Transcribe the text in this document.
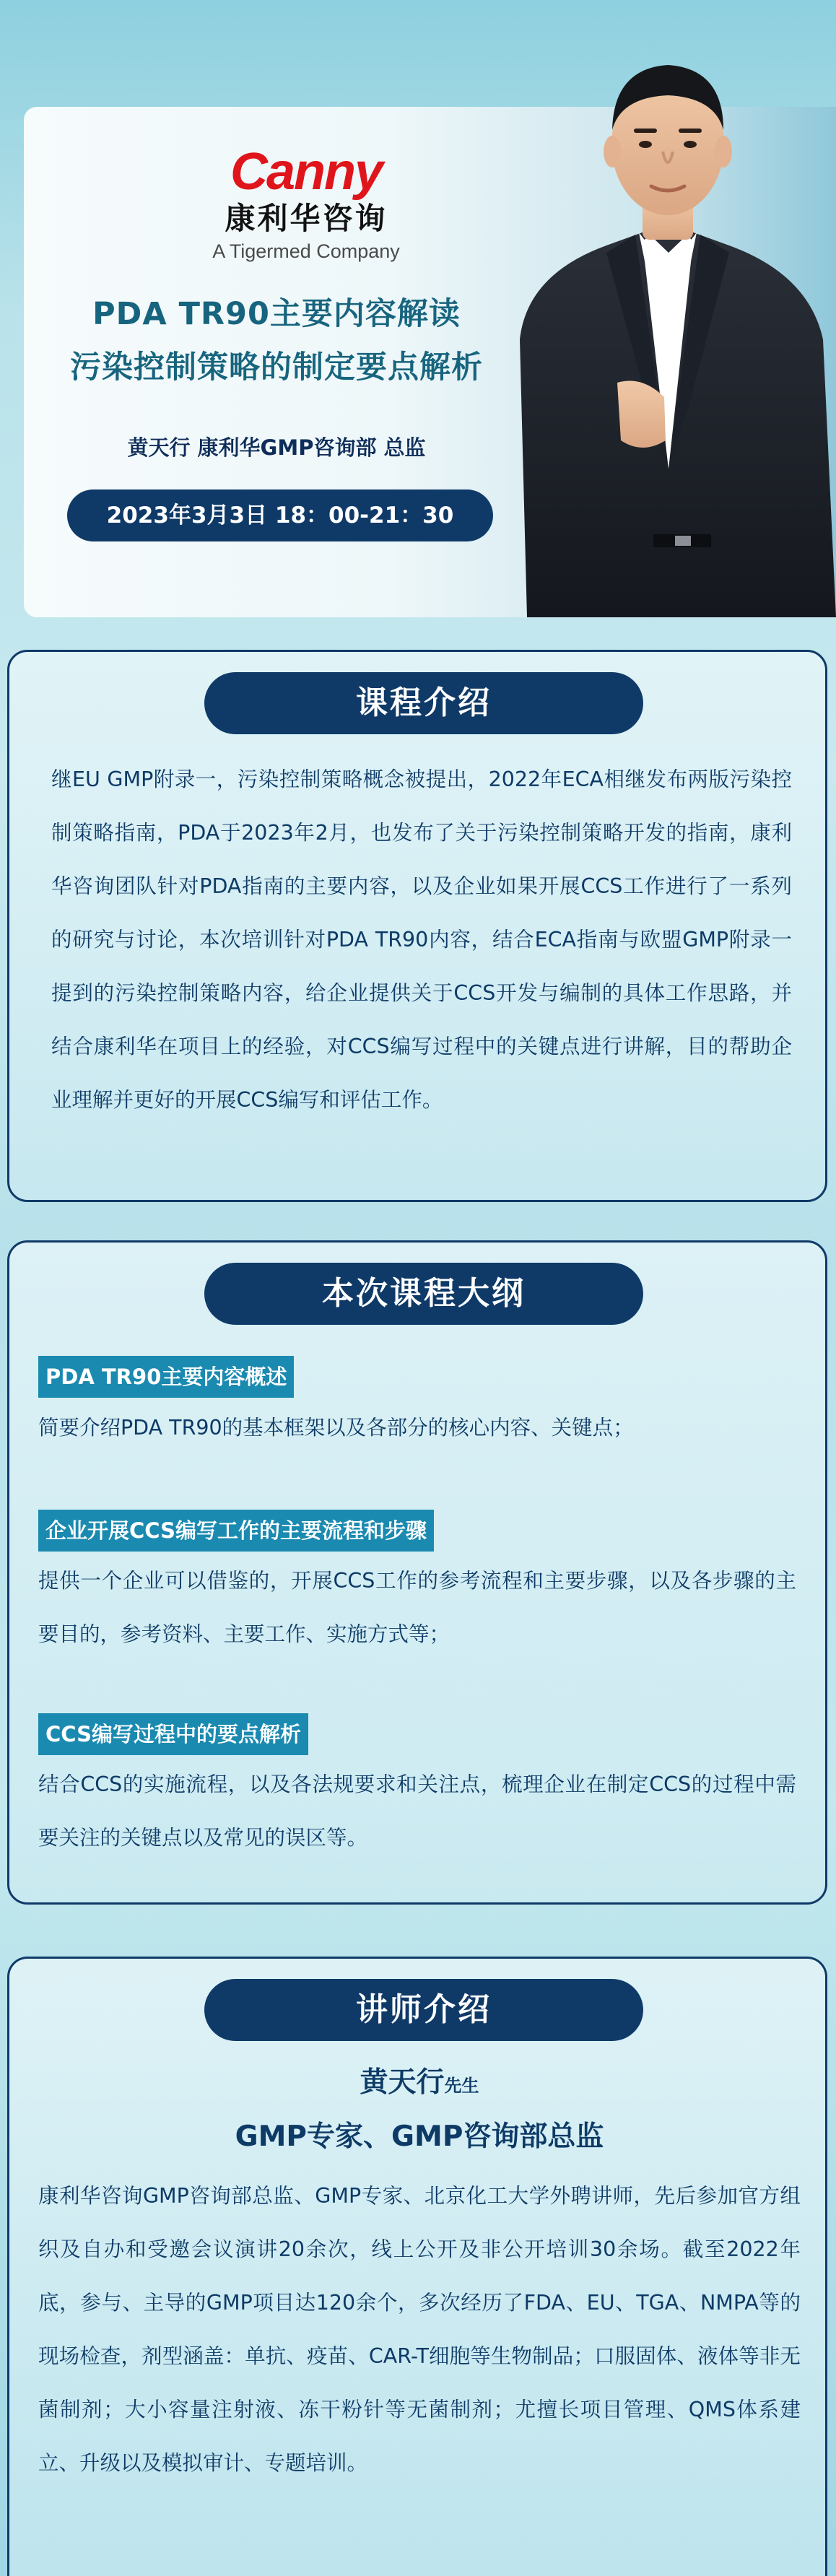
Canny
康利华咨询
A Tigermed Company
PDA TR90主要内容解读
污染控制策略的制定要点解析
黄天行 康利华GMP咨询部 总监
2023年3月3日 18：00-21：30
课程介绍
继EU GMP附录一，污染控制策略概念被提出，2022年ECA相继发布两版污染控制策略指南，PDA于2023年2月，也发布了关于污染控制策略开发的指南，康利华咨询团队针对PDA指南的主要内容，以及企业如果开展CCS工作进行了一系列的研究与讨论，本次培训针对PDA TR90内容，结合ECA指南与欧盟GMP附录一提到的污染控制策略内容，给企业提供关于CCS开发与编制的具体工作思路，并结合康利华在项目上的经验，对CCS编写过程中的关键点进行讲解，目的帮助企业理解并更好的开展CCS编写和评估工作。
本次课程大纲
PDA TR90主要内容概述
简要介绍PDA TR90的基本框架以及各部分的核心内容、关键点；
企业开展CCS编写工作的主要流程和步骤
提供一个企业可以借鉴的，开展CCS工作的参考流程和主要步骤，以及各步骤的主要目的，参考资料、主要工作、实施方式等；
CCS编写过程中的要点解析
结合CCS的实施流程，以及各法规要求和关注点，梳理企业在制定CCS的过程中需要关注的关键点以及常见的误区等。
讲师介绍
黄天行先生
GMP专家、GMP咨询部总监
康利华咨询GMP咨询部总监、GMP专家、北京化工大学外聘讲师，先后参加官方组织及自办和受邀会议演讲20余次，线上公开及非公开培训30余场。截至2022年底，参与、主导的GMP项目达120余个，多次经历了FDA、EU、TGA、NMPA等的现场检查，剂型涵盖：单抗、疫苗、CAR-T细胞等生物制品；口服固体、液体等非无菌制剂；大小容量注射液、冻干粉针等无菌制剂；尤擅长项目管理、QMS体系建立、升级以及模拟审计、专题培训。
